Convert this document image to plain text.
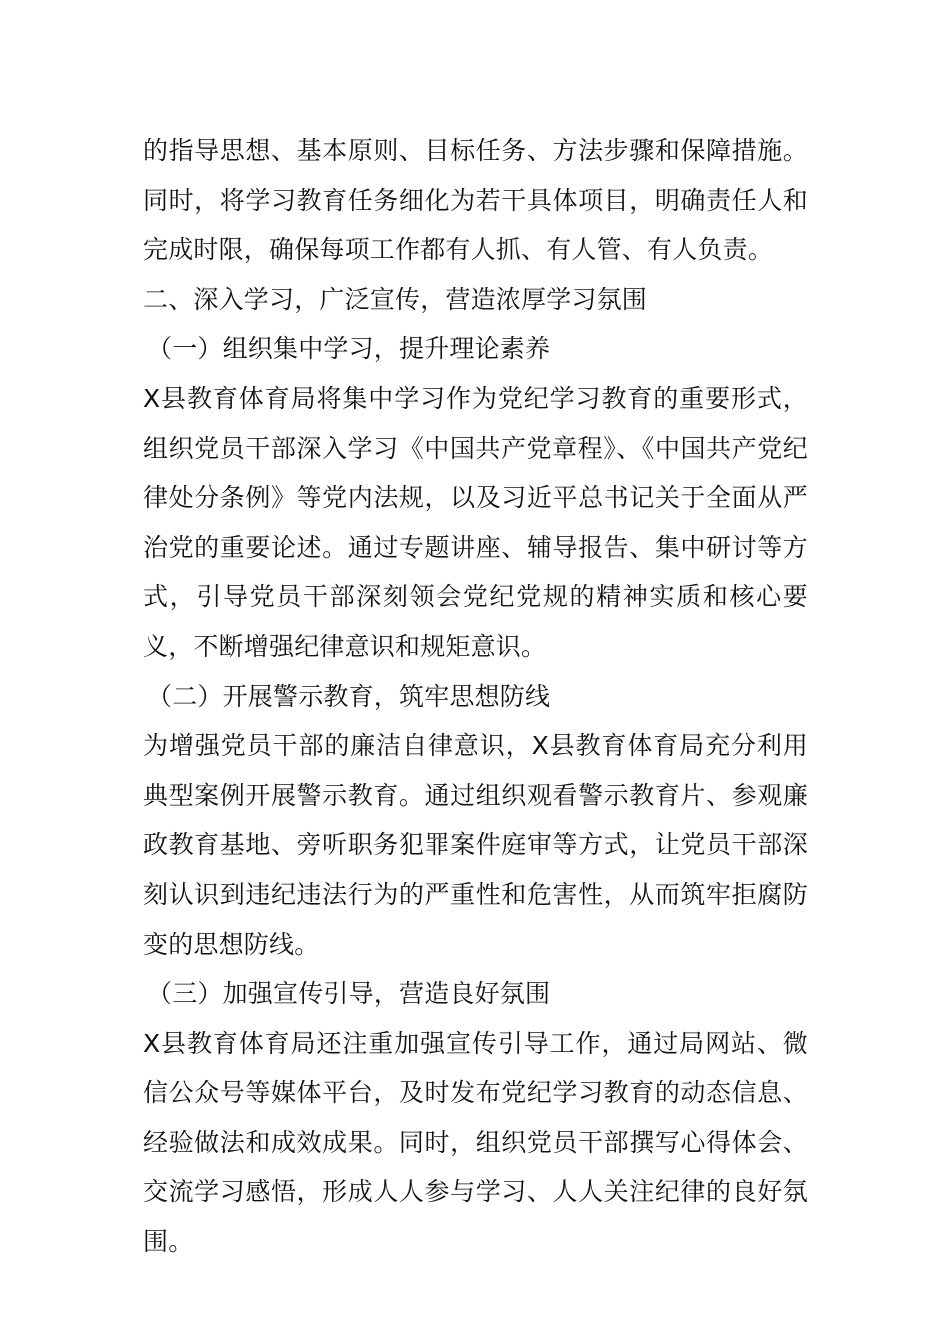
的指导思想、基本原则、目标任务、方法步骤和保障措施。同时，将学习教育任务细化为若干具体项目，明确责任人和完成时限，确保每项工作都有人抓、有人管、有人负责。

二、深入学习，广泛宣传，营造浓厚学习氛围

（一）组织集中学习，提升理论素养

X县教育体育局将集中学习作为党纪学习教育的重要形式，组织党员干部深入学习《中国共产党章程》、《中国共产党纪律处分条例》等党内法规，以及习近平总书记关于全面从严治党的重要论述。通过专题讲座、辅导报告、集中研讨等方式，引导党员干部深刻领会党纪党规的精神实质和核心要义，不断增强纪律意识和规矩意识。

（二）开展警示教育，筑牢思想防线

为增强党员干部的廉洁自律意识，X县教育体育局充分利用典型案例开展警示教育。通过组织观看警示教育片、参观廉政教育基地、旁听职务犯罪案件庭审等方式，让党员干部深刻认识到违纪违法行为的严重性和危害性，从而筑牢拒腐防变的思想防线。

（三）加强宣传引导，营造良好氛围

X县教育体育局还注重加强宣传引导工作，通过局网站、微信公众号等媒体平台，及时发布党纪学习教育的动态信息、经验做法和成效成果。同时，组织党员干部撰写心得体会、交流学习感悟，形成人人参与学习、人人关注纪律的良好氛围。
